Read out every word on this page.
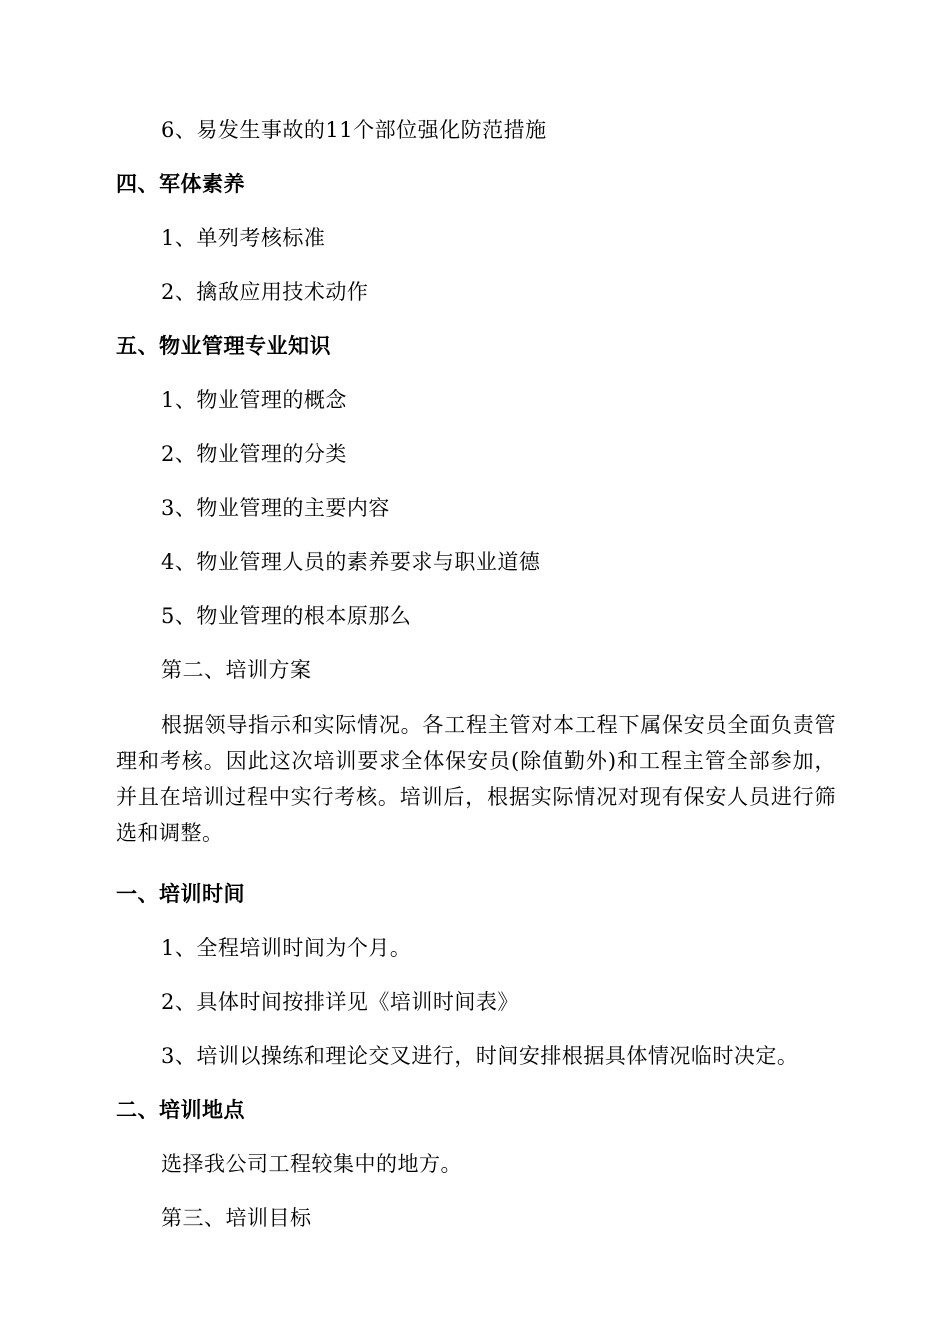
6、易发生事故的11个部位强化防范措施
四、军体素养
1、单列考核标准
2、擒敌应用技术动作
五、物业管理专业知识
1、物业管理的概念
2、物业管理的分类
3、物业管理的主要内容
4、物业管理人员的素养要求与职业道德
5、物业管理的根本原那么
第二、培训方案
根据领导指示和实际情况。各工程主管对本工程下属保安员全面负责管理和考核。因此这次培训要求全体保安员(除值勤外)和工程主管全部参加，并且在培训过程中实行考核。培训后，根据实际情况对现有保安人员进行筛选和调整。
一、培训时间
1、全程培训时间为个月。
2、具体时间按排详见《培训时间表》
3、培训以操练和理论交叉进行，时间安排根据具体情况临时决定。
二、培训地点
选择我公司工程较集中的地方。
第三、培训目标
